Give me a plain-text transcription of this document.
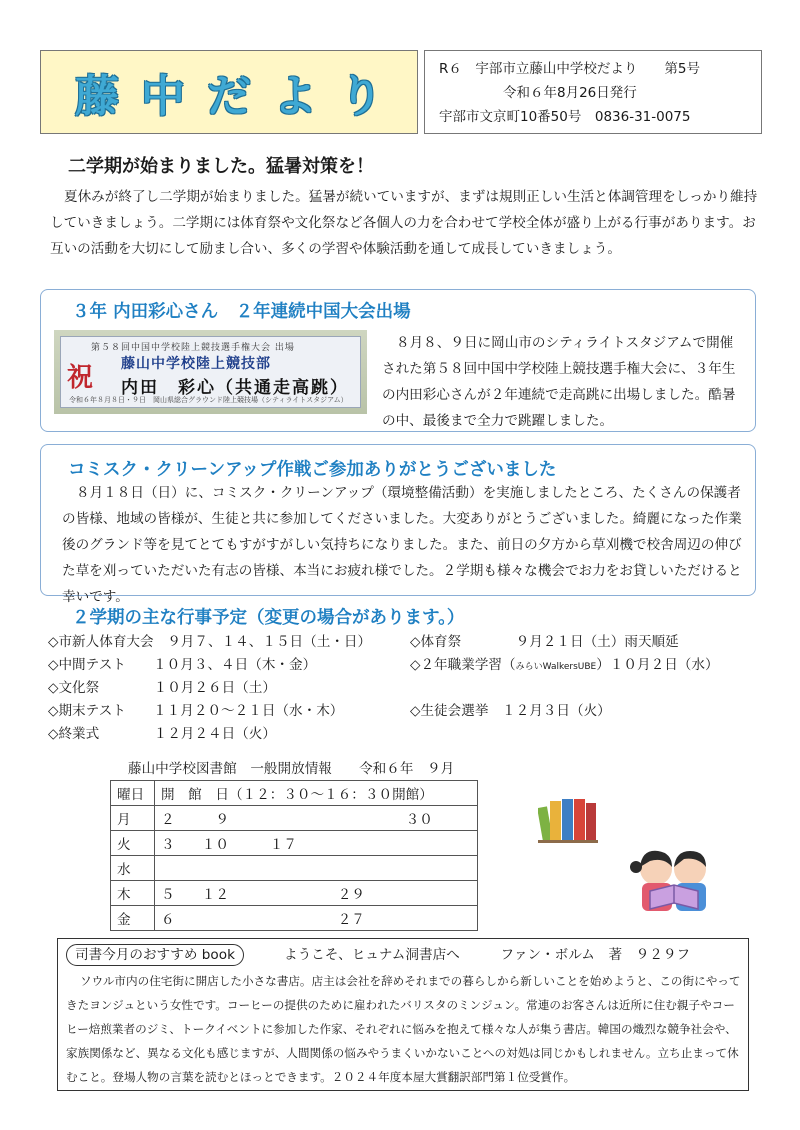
藤中だより
R６　宇部市立藤山中学校だより　　第5号
令和６年8月26日発行
宇部市文京町10番50号　0836-31-0075
二学期が始まりました。猛暑対策を！
夏休みが終了し二学期が始まりました。猛暑が続いていますが、まずは規則正しい生活と体調管理をしっかり維持していきましょう。二学期には体育祭や文化祭など各個人の力を合わせて学校全体が盛り上がる行事があります。お互いの活動を大切にして励まし合い、多くの学習や体験活動を通して成長していきましょう。
３年 内田彩心さん　２年連続中国大会出場
第５８回中国中学校陸上競技選手権大会 出場
祝 藤山中学校陸上競技部
内田　彩心（共通走高跳）
令和６年８月８日・９日　岡山県総合グラウンド陸上競技場（シティライトスタジアム）
８月８、９日に岡山市のシティライトスタジアムで開催された第５８回中国中学校陸上競技選手権大会に、３年生の内田彩心さんが２年連続で走高跳に出場しました。酷暑の中、最後まで全力で跳躍しました。
コミスク・クリーンアップ作戦ご参加ありがとうございました
８月１８日（日）に、コミスク・クリーンアップ（環境整備活動）を実施しましたところ、たくさんの保護者の皆様、地域の皆様が、生徒と共に参加してくださいました。大変ありがとうございました。綺麗になった作業後のグランド等を見てとてもすがすがしい気持ちになりました。また、前日の夕方から草刈機で校舎周辺の伸びた草を刈っていただいた有志の皆様、本当にお疲れ様でした。２学期も様々な機会でお力をお貸しいただけると幸いです。
２学期の主な行事予定（変更の場合があります。）
◇市新人体育大会　９月７、１４、１５日（土・日）
◇中間テスト　　１０月３、４日（木・金）
◇文化祭　　　　１０月２６日（土）
◇期末テスト　　１１月２０～２１日（水・木）
◇終業式　　　　１２月２４日（火）
◇体育祭　　　　９月２１日（土）雨天順延
◇２年職業学習（みらいWalkersUBE）１０月２日（水）
◇生徒会選挙　１２月３日（火）
藤山中学校図書館　一般開放情報　　令和６年　９月
曜日	開　館　日（１２：３０～１６：３０開館）
月	２　　　９　　　　　　　　　　　　　３０
火	３　　１０　　　１７
水	
木	５　　１２　　　　　　　　２９
金	６　　　　　　　　　　　　２７
司書今月のおすすめ book	ようこそ、ヒュナム洞書店へ　　　ファン・ボルム　著　９２９フ
ソウル市内の住宅街に開店した小さな書店。店主は会社を辞めそれまでの暮らしから新しいことを始めようと、この街にやってきたヨンジュという女性です。コーヒーの提供のために雇われたバリスタのミンジュン。常連のお客さんは近所に住む親子やコーヒー焙煎業者のジミ、トークイベントに参加した作家、それぞれに悩みを抱えて様々な人が集う書店。韓国の熾烈な競争社会や、家族関係など、異なる文化も感じますが、人間関係の悩みやうまくいかないことへの対処は同じかもしれません。立ち止まって休むこと。登場人物の言葉を読むとほっとできます。２０２４年度本屋大賞翻訳部門第１位受賞作。
